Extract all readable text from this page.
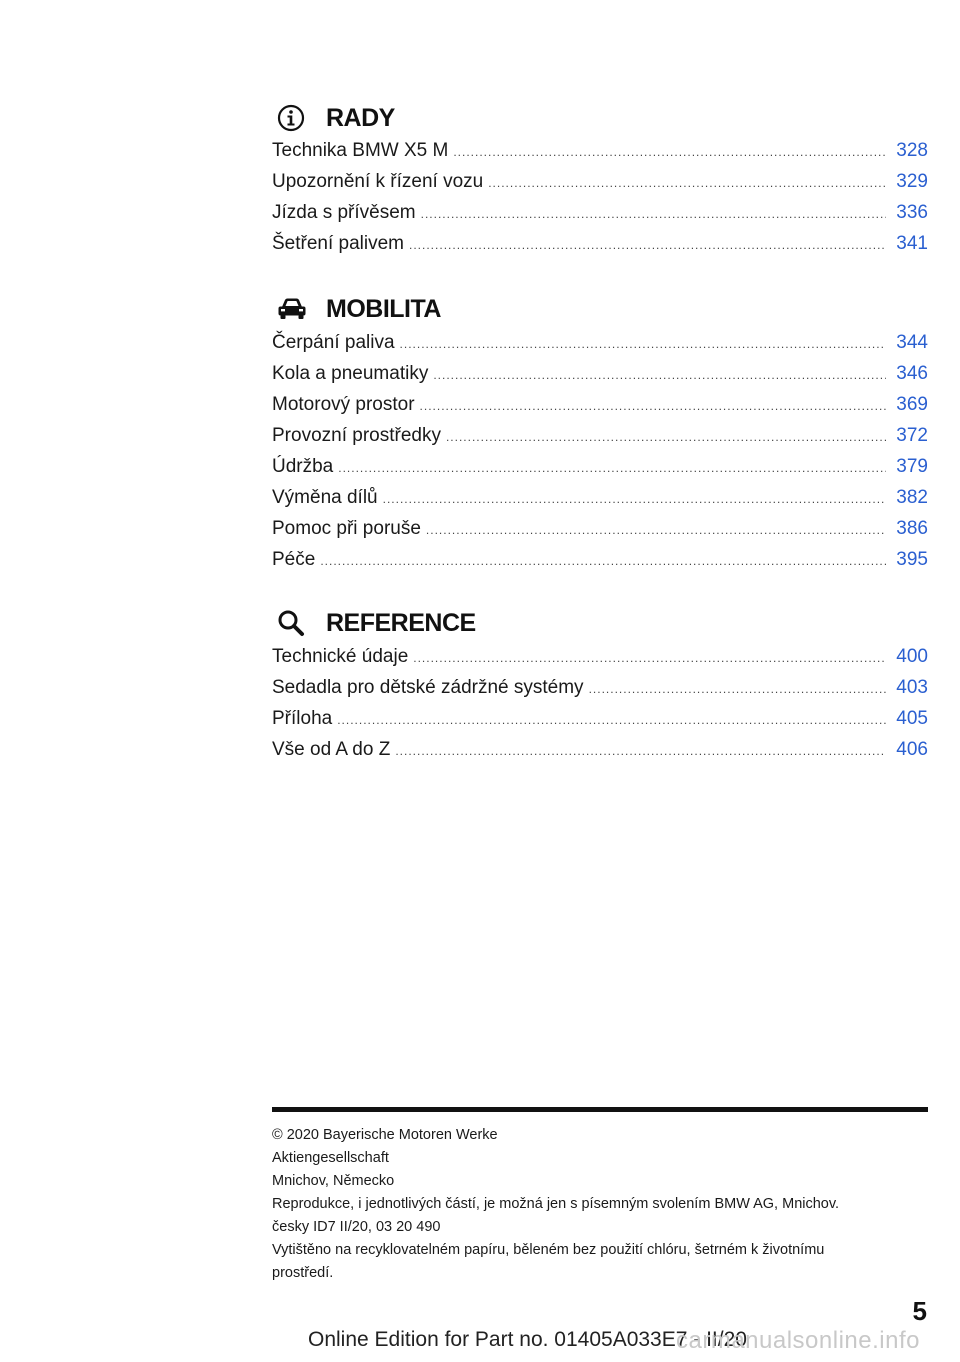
RADY
Technika BMW X5 M .....	328
Upozornění k řízení vozu .....	329
Jízda s přívěsem .....	336
Šetření palivem .....	341
MOBILITA
Čerpání paliva .....	344
Kola a pneumatiky .....	346
Motorový prostor .....	369
Provozní prostředky .....	372
Údržba .....	379
Výměna dílů .....	382
Pomoc při poruše .....	386
Péče .....	395
REFERENCE
Technické údaje .....	400
Sedadla pro dětské zádržné systémy .....	403
Příloha .....	405
Vše od A do Z .....	406
© 2020 Bayerische Motoren Werke
Aktiengesellschaft
Mnichov, Německo
Reprodukce, i jednotlivých částí, je možná jen s písemným svolením BMW AG, Mnichov.
česky ID7 II/20, 03 20 490
Vytištěno na recyklovatelném papíru, běleném bez použití chlóru, šetrném k životnímu
prostředí.
5
Online Edition for Part no. 01405A033E7 - II/20
carmanualsonline.info
